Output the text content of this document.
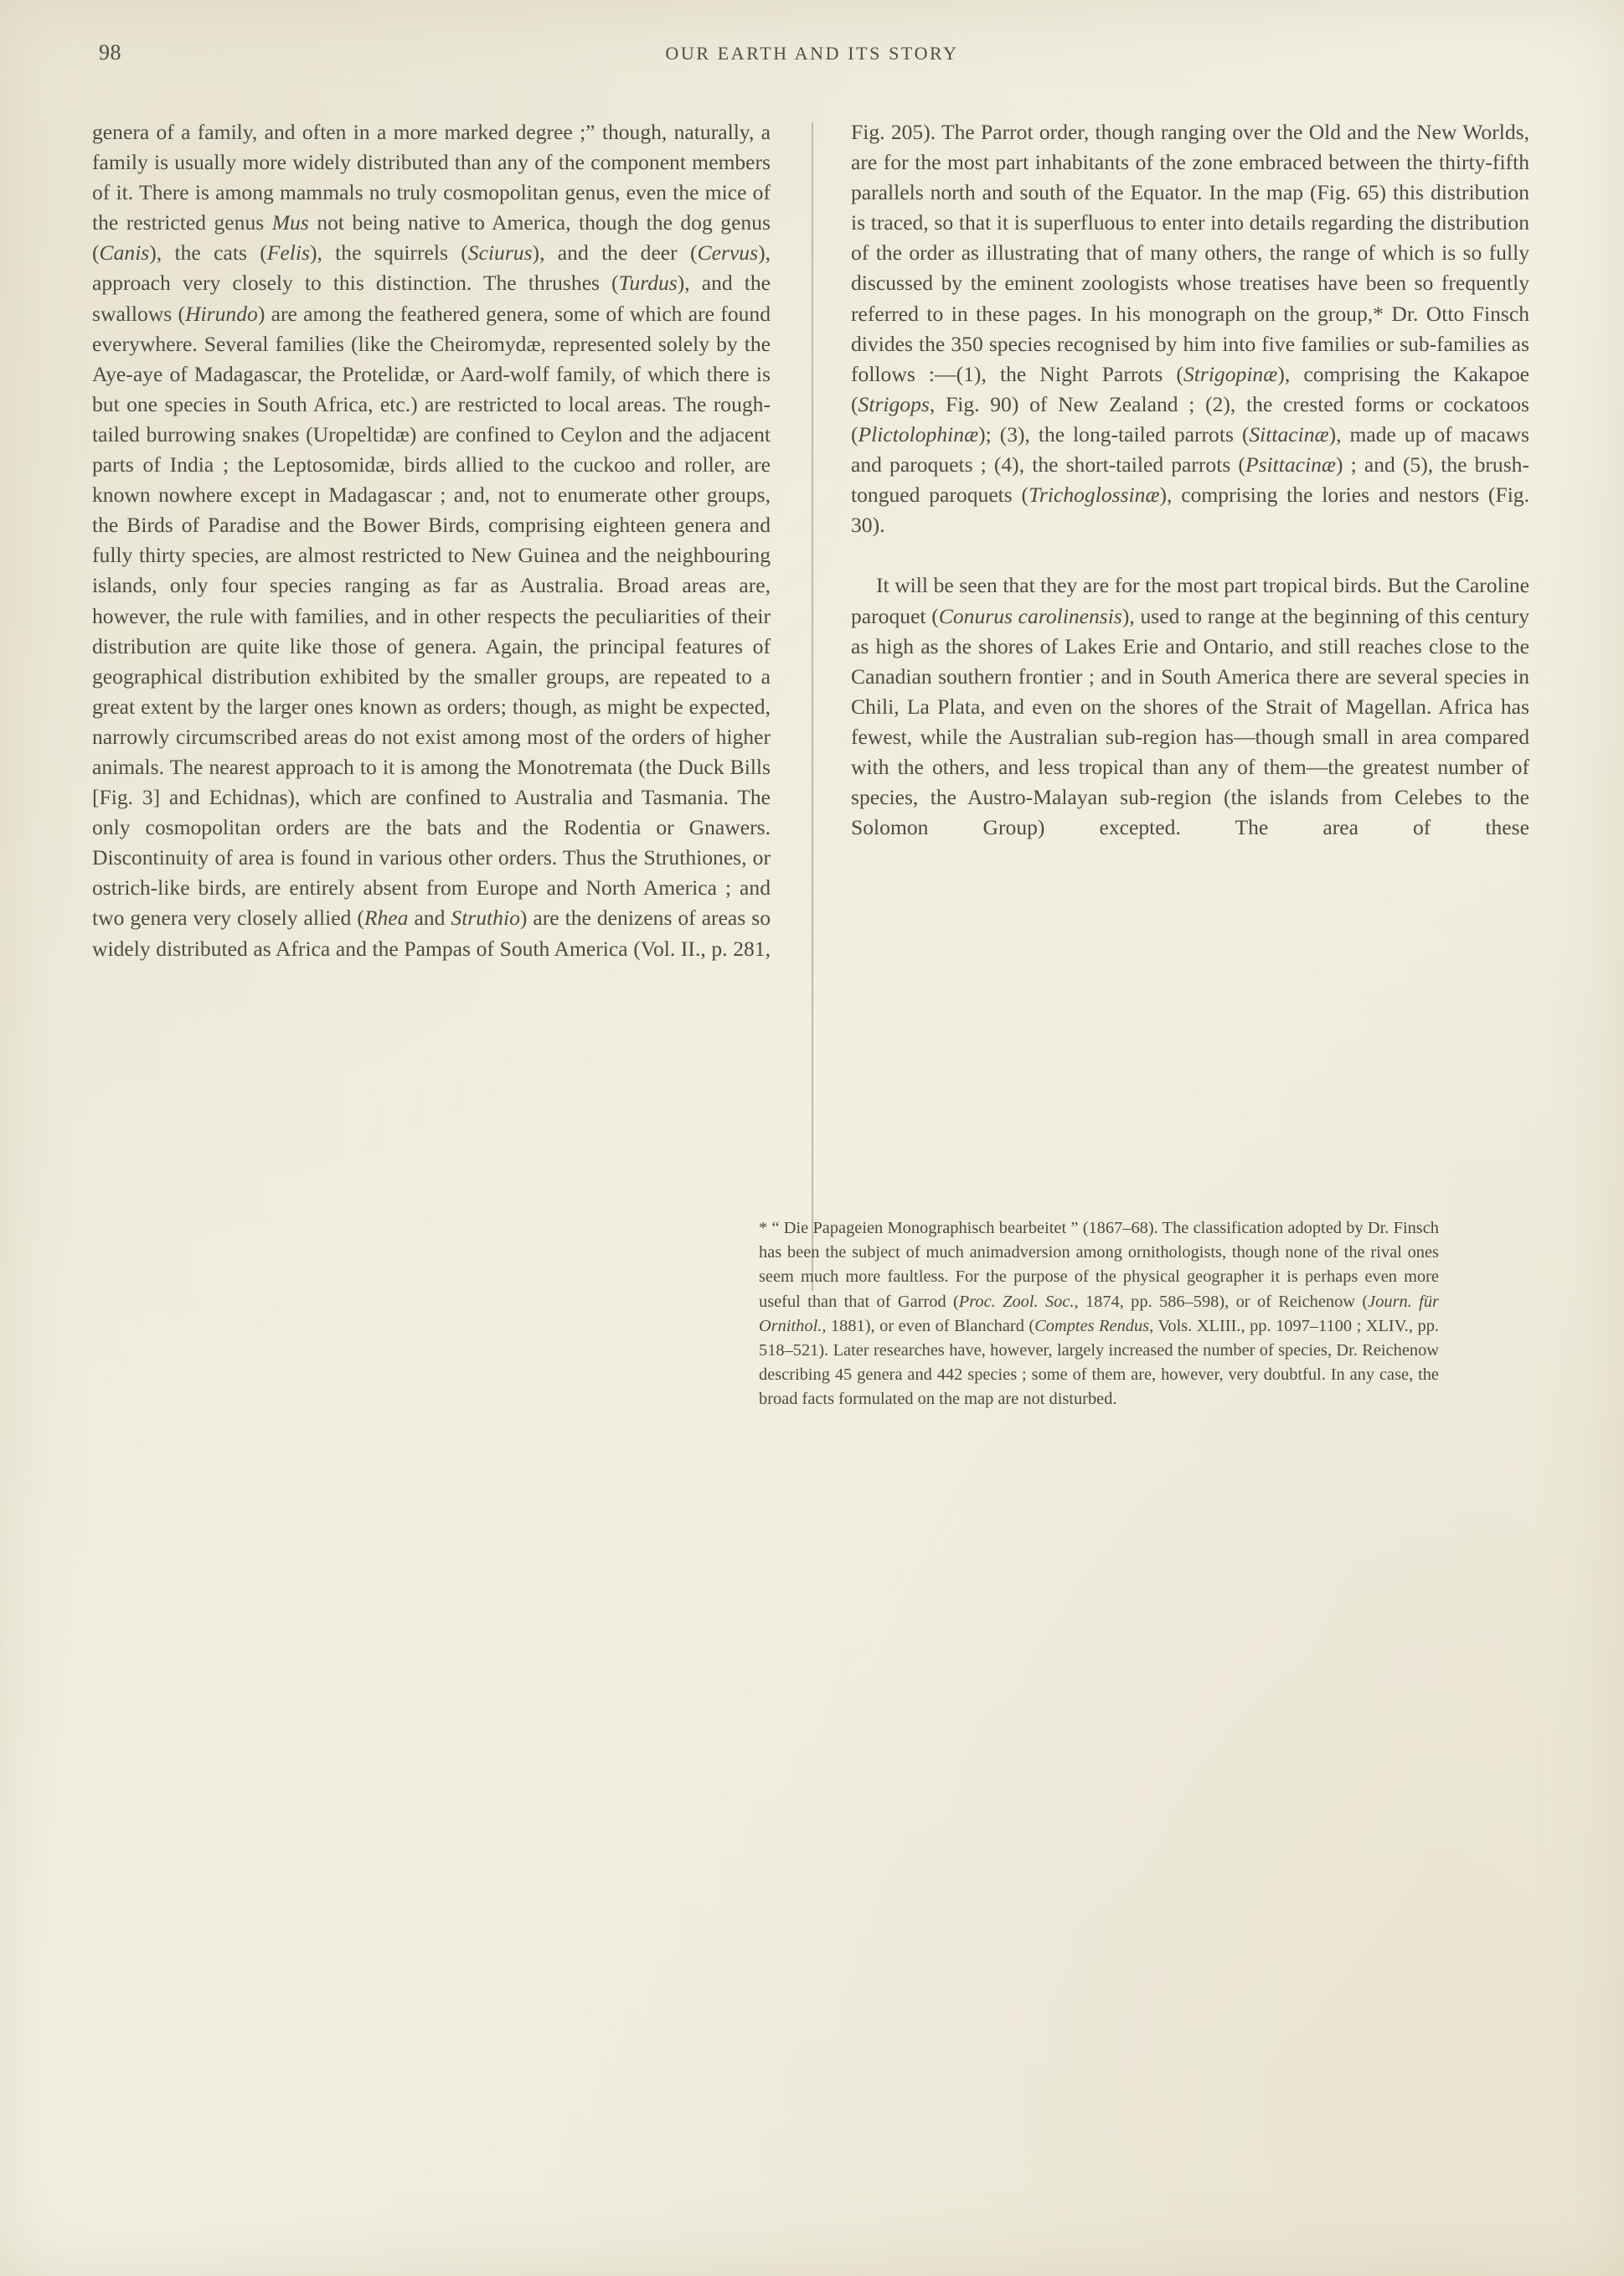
98	OUR EARTH AND ITS STORY

genera of a family, and often in a more marked degree ;” though, naturally, a family is usually more widely distributed than any of the component members of it. There is among mammals no truly cosmopolitan genus, even the mice of the restricted genus Mus not being native to America, though the dog genus (Canis), the cats (Felis), the squirrels (Sciurus), and the deer (Cervus), approach very closely to this distinction. The thrushes (Turdus), and the swallows (Hirundo) are among the feathered genera, some of which are found everywhere. Several families (like the Cheiromydæ, represented solely by the Aye-aye of Madagascar, the Protelidæ, or Aard-wolf family, of which there is but one species in South Africa, etc.) are restricted to local areas. The rough-tailed burrowing snakes (Uropeltidæ) are confined to Ceylon and the adjacent parts of India ; the Leptosomidæ, birds allied to the cuckoo and roller, are known nowhere except in Madagascar ; and, not to enumerate other groups, the Birds of Paradise and the Bower Birds, comprising eighteen genera and fully thirty species, are almost restricted to New Guinea and the neighbouring islands, only four species ranging as far as Australia. Broad areas are, however, the rule with families, and in other respects the peculiarities of their distribution are quite like those of genera. Again, the principal features of geographical distribution exhibited by the smaller groups, are repeated to a great extent by the larger ones known as orders; though, as might be expected, narrowly circumscribed areas do not exist among most of the orders of higher animals. The nearest approach to it is among the Monotremata (the Duck Bills [Fig. 3] and Echidnas), which are confined to Australia and Tasmania. The only cosmopolitan orders are the bats and the Rodentia or Gnawers. Discontinuity of area is found in various other orders. Thus the Struthiones, or ostrich-like birds, are entirely absent from Europe and North America ; and two genera very closely allied (Rhea and Struthio) are the denizens of areas so widely distributed as Africa and the Pampas of South America (Vol. II., p. 281,

Fig. 205). The Parrot order, though ranging over the Old and the New Worlds, are for the most part inhabitants of the zone embraced between the thirty-fifth parallels north and south of the Equator. In the map (Fig. 65) this distribution is traced, so that it is superfluous to enter into details regarding the distribution of the order as illustrating that of many others, the range of which is so fully discussed by the eminent zoologists whose treatises have been so frequently referred to in these pages. In his monograph on the group,* Dr. Otto Finsch divides the 350 species recognised by him into five families or sub-families as follows :—(1), the Night Parrots (Strigopinæ), comprising the Kakapoe (Strigops, Fig. 90) of New Zealand ; (2), the crested forms or cockatoos (Plictolophinæ); (3), the long-tailed parrots (Sittacinæ), made up of macaws and paroquets ; (4), the short-tailed parrots (Psittacinæ) ; and (5), the brush-tongued paroquets (Trichoglossinæ), comprising the lories and nestors (Fig. 30).

It will be seen that they are for the most part tropical birds. But the Caroline paroquet (Conurus carolinensis), used to range at the beginning of this century as high as the shores of Lakes Erie and Ontario, and still reaches close to the Canadian southern frontier ; and in South America there are several species in Chili, La Plata, and even on the shores of the Strait of Magellan. Africa has fewest, while the Australian sub-region has—though small in area compared with the others, and less tropical than any of them—the greatest number of species, the Austro-Malayan sub-region (the islands from Celebes to the Solomon Group) excepted. The area of these

* “ Die Papageien Monographisch bearbeitet ” (1867–68). The classification adopted by Dr. Finsch has been the subject of much animadversion among ornithologists, though none of the rival ones seem much more faultless. For the purpose of the physical geographer it is perhaps even more useful than that of Garrod (Proc. Zool. Soc., 1874, pp. 586–598), or of Reichenow (Journ. für Ornithol., 1881), or even of Blanchard (Comptes Rendus, Vols. XLIII., pp. 1097–1100 ; XLIV., pp. 518–521). Later researches have, however, largely increased the number of species, Dr. Reichenow describing 45 genera and 442 species ; some of them are, however, very doubtful. In any case, the broad facts formulated on the map are not disturbed.
